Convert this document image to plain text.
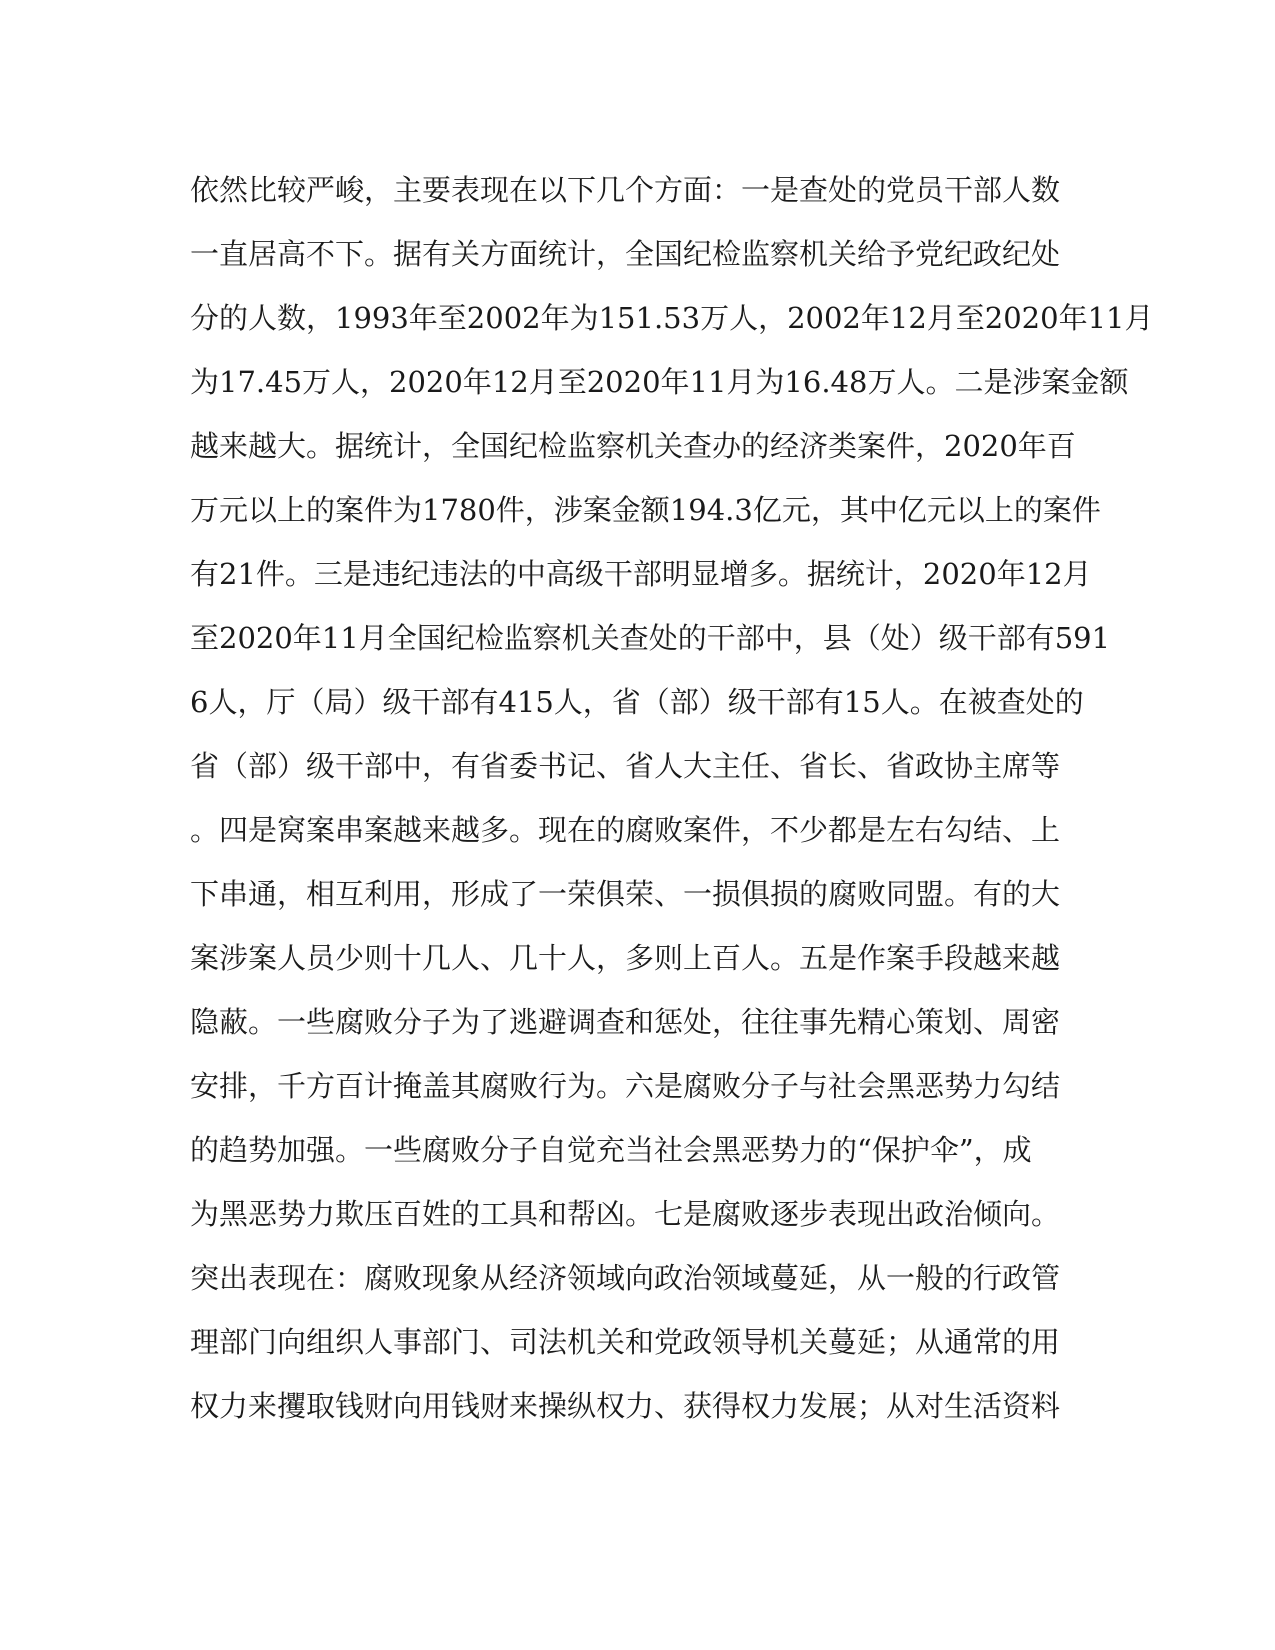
依然比较严峻，主要表现在以下几个方面：一是查处的党员干部人数
一直居高不下。据有关方面统计，全国纪检监察机关给予党纪政纪处
分的人数，1993年至2002年为151.53万人，2002年12月至2020年11月
为17.45万人，2020年12月至2020年11月为16.48万人。二是涉案金额
越来越大。据统计，全国纪检监察机关查办的经济类案件，2020年百
万元以上的案件为1780件，涉案金额194.3亿元，其中亿元以上的案件
有21件。三是违纪违法的中高级干部明显增多。据统计，2020年12月
至2020年11月全国纪检监察机关查处的干部中，县（处）级干部有591
6人，厅（局）级干部有415人，省（部）级干部有15人。在被查处的
省（部）级干部中，有省委书记、省人大主任、省长、省政协主席等
。四是窝案串案越来越多。现在的腐败案件，不少都是左右勾结、上
下串通，相互利用，形成了一荣俱荣、一损俱损的腐败同盟。有的大
案涉案人员少则十几人、几十人，多则上百人。五是作案手段越来越
隐蔽。一些腐败分子为了逃避调查和惩处，往往事先精心策划、周密
安排，千方百计掩盖其腐败行为。六是腐败分子与社会黑恶势力勾结
的趋势加强。一些腐败分子自觉充当社会黑恶势力的“保护伞”，成
为黑恶势力欺压百姓的工具和帮凶。七是腐败逐步表现出政治倾向。
突出表现在：腐败现象从经济领域向政治领域蔓延，从一般的行政管
理部门向组织人事部门、司法机关和党政领导机关蔓延；从通常的用
权力来攫取钱财向用钱财来操纵权力、获得权力发展；从对生活资料
